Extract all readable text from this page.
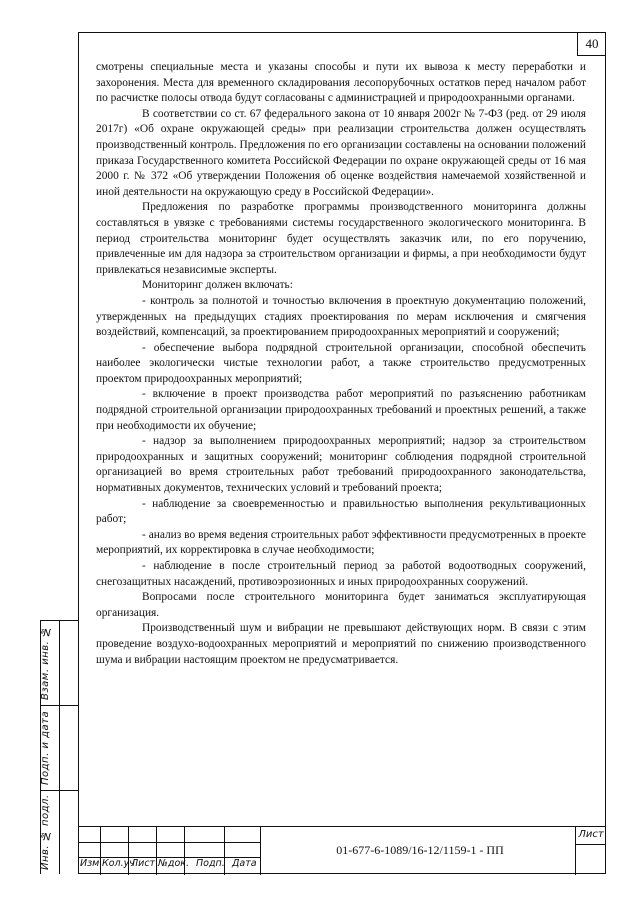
40

смотрены специальные места и указаны способы и пути их вывоза к месту переработки и захоронения. Места для временного складирования лесопорубочных остатков перед началом работ по расчистке полосы отвода будут согласованы с администрацией и природоохранными органами.

В соответствии со ст. 67 федерального закона от 10 января 2002г № 7-ФЗ (ред. от 29 июля 2017г) «Об охране окружающей среды» при реализации строительства должен осуществлять производственный контроль. Предложения по его организации составлены на основании положений приказа Государственного комитета Российской Федерации по охране окружающей среды от 16 мая 2000 г. № 372 «Об утверждении Положения об оценке воздействия намечаемой хозяйственной и иной деятельности на окружающую среду в Российской Федерации».

Предложения по разработке программы производственного мониторинга должны составляться в увязке с требованиями системы государственного экологического мониторинга. В период строительства мониторинг будет осуществлять заказчик или, по его поручению, привлеченные им для надзора за строительством организации и фирмы, а при необходимости будут привлекаться независимые эксперты.

Мониторинг должен включать:

- контроль за полнотой и точностью включения в проектную документацию положений, утвержденных на предыдущих стадиях проектирования по мерам исключения и смягчения воздействий, компенсаций, за проектированием природоохранных мероприятий и сооружений;

- обеспечение выбора подрядной строительной организации, способной обеспечить наиболее экологически чистые технологии работ, а также строительство предусмотренных проектом природоохранных мероприятий;

- включение в проект производства работ мероприятий по разъяснению работникам подрядной строительной организации природоохранных требований и проектных решений, а также при необходимости их обучение;

- надзор за выполнением природоохранных мероприятий; надзор за строительством природоохранных и защитных сооружений; мониторинг соблюдения подрядной строительной организацией во время строительных работ требований природоохранного законодательства, нормативных документов, технических условий и требований проекта;

- наблюдение за своевременностью и правильностью выполнения рекультивационных работ;

- анализ во время ведения строительных работ эффективности предусмотренных в проекте мероприятий, их корректировка в случае необходимости;

- наблюдение в после строительный период за работой водоотводных сооружений, снегозащитных насаждений, противоэрозионных и иных природоохранных сооружений.

Вопросами после строительного мониторинга будет заниматься эксплуатирующая организация.

Производственный шум и вибрации не превышают действующих норм. В связи с этим проведение воздухо-водоохранных мероприятий и мероприятий по снижению производственного шума и вибрации настоящим проектом не предусматривается.

Взам. инв. №
Подп. и дата
Инв. № подл.	Изм. Кол.уч
Лист №док. Подп. Дата
01-677-6-1089/16-12/1159-1 - ПП
Лист
